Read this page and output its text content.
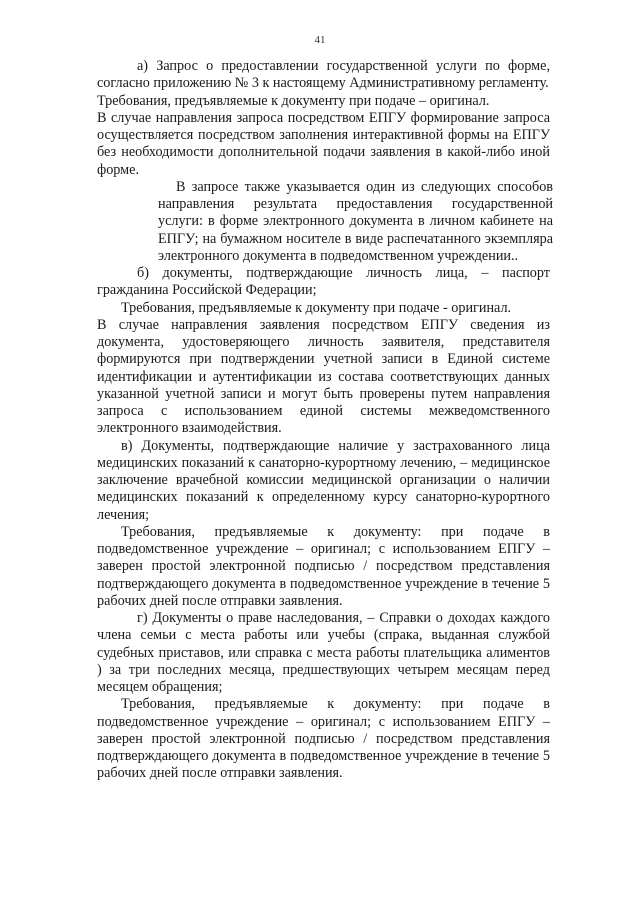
41

а) Запрос о предоставлении государственной услуги по форме, согласно приложению № 3 к настоящему Административному регламенту.

Требования, предъявляемые к документу при подаче – оригинал.

В случае направления запроса посредством ЕПГУ формирование запроса осуществляется посредством заполнения интерактивной формы на ЕПГУ без необходимости дополнительной подачи заявления в какой-либо иной форме.

В запросе также указывается один из следующих способов направления результата предоставления государственной услуги: в форме электронного документа в личном кабинете на ЕПГУ; на бумажном носителе в виде распечатанного экземпляра электронного документа в подведомственном учреждении..

б) документы, подтверждающие личность лица, – паспорт гражданина Российской Федерации;

Требования, предъявляемые к документу при подаче - оригинал.

В случае направления заявления посредством ЕПГУ сведения из документа, удостоверяющего личность заявителя, представителя формируются при подтверждении учетной записи в Единой системе идентификации и аутентификации из состава соответствующих данных указанной учетной записи и могут быть проверены путем направления запроса с использованием единой системы межведомственного электронного взаимодействия.

в) Документы, подтверждающие наличие у застрахованного лица медицинских показаний к санаторно-курортному лечению, – медицинское заключение врачебной комиссии медицинской организации о наличии медицинских показаний к определенному курсу санаторно-курортного лечения;

Требования, предъявляемые к документу: при подаче в подведомственное учреждение – оригинал; с использованием ЕПГУ – заверен простой электронной подписью / посредством представления подтверждающего документа в подведомственное учреждение в течение 5 рабочих дней после отправки заявления.

г) Документы о праве наследования, – Справки о доходах каждого члена семьи с места работы или учебы (спрака, выданная службой судебных приставов, или справка с места работы плательщика алиментов ) за три последних месяца, предшествующих четырем месяцам перед месяцем обращения;

Требования, предъявляемые к документу: при подаче в подведомственное учреждение – оригинал; с использованием ЕПГУ – заверен простой электронной подписью / посредством представления подтверждающего документа в подведомственное учреждение в течение 5 рабочих дней после отправки заявления.
